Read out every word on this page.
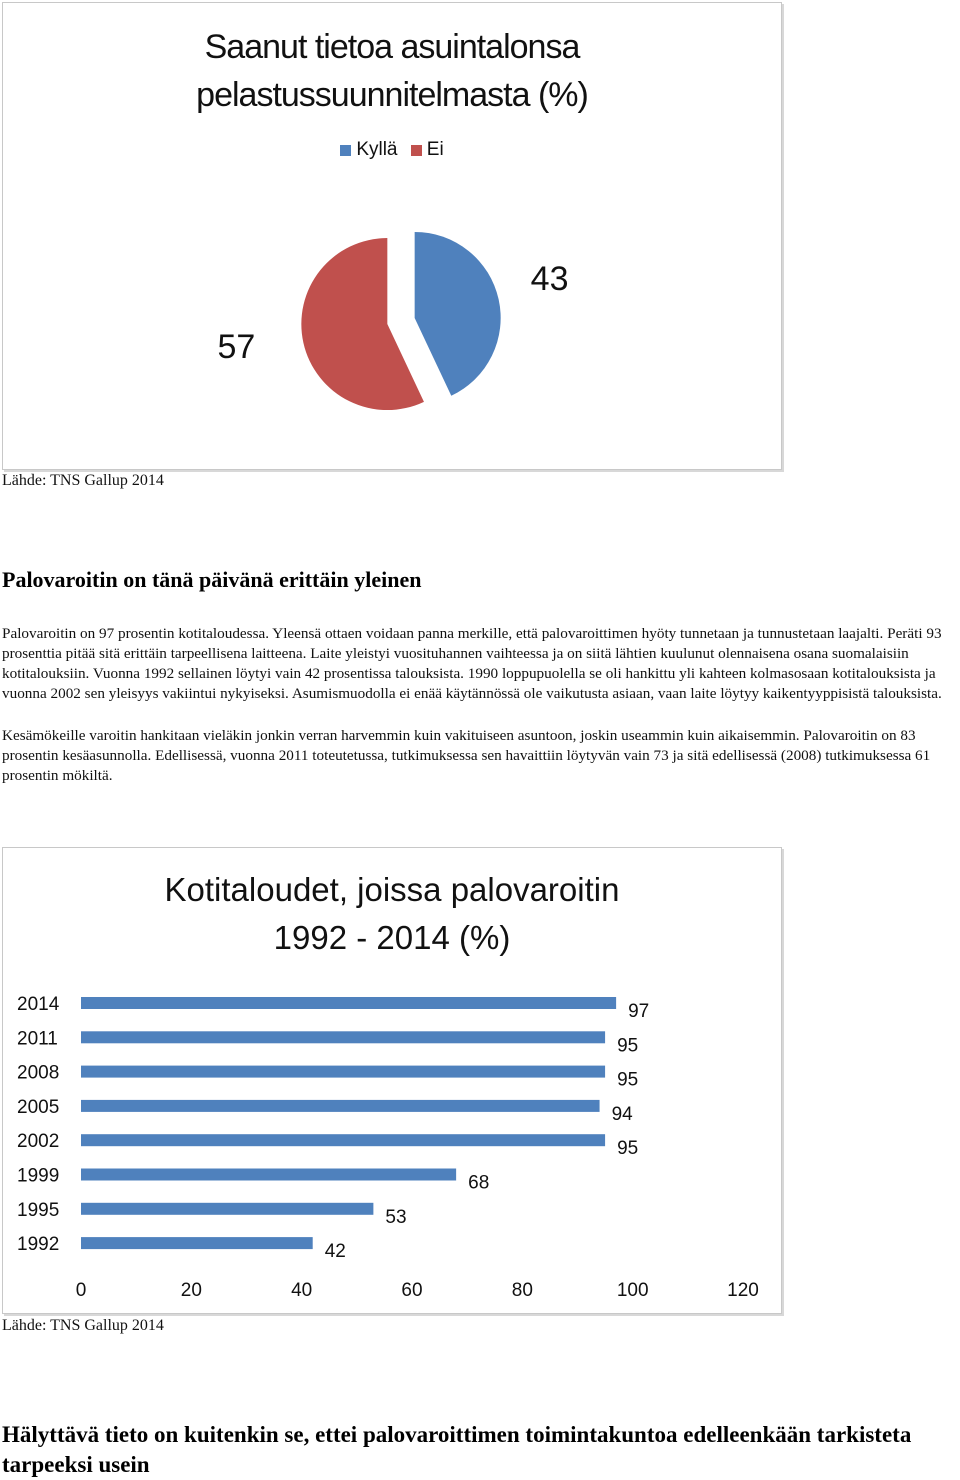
Saanut tietoa asuintalonsa
pelastussuunnitelmasta (%)
Kyllä
Ei
43
57
Lähde: TNS Gallup 2014
Palovaroitin on tänä päivänä erittäin yleinen

Palovaroitin on 97 prosentin kotitaloudessa. Yleensä ottaen voidaan panna merkille, että palovaroittimen hyöty tunnetaan ja tunnustetaan laajalti. Peräti 93 prosenttia pitää sitä erittäin tarpeellisena laitteena. Laite yleistyi vuosituhannen vaihteessa ja on siitä lähtien kuulunut olennaisena osana suomalaisiin kotitalouksiin. Vuonna 1992 sellainen löytyi vain 42 prosentissa talouksista. 1990 loppupuolella se oli hankittu yli kahteen kolmasosaan kotitalouksista ja vuonna 2002 sen yleisyys vakiintui nykyiseksi. Asumismuodolla ei enää käytännössä ole vaikutusta asiaan, vaan laite löytyy kaikentyyppisistä talouksista.

Kesämökeille varoitin hankitaan vieläkin jonkin verran harvemmin kuin vakituiseen asuntoon, joskin useammin kuin aikaisemmin. Palovaroitin on 83 prosentin kesäasunnolla. Edellisessä, vuonna 2011 toteutetussa, tutkimuksessa sen havaittiin löytyvän vain 73 ja sitä edellisessä (2008) tutkimuksessa 61 prosentin mökiltä.

Kotitaloudet, joissa palovaroitin
1992 - 2014 (%)
2014	97
2011	95
2008	95
2005	94
2002	95
1999	68
1995	53
1992	42
0	20	40	60	80	100	120
Lähde: TNS Gallup 2014
Hälyttävä tieto on kuitenkin se, ettei palovaroittimen toimintakuntoa edelleenkään tarkisteta tarpeeksi usein
